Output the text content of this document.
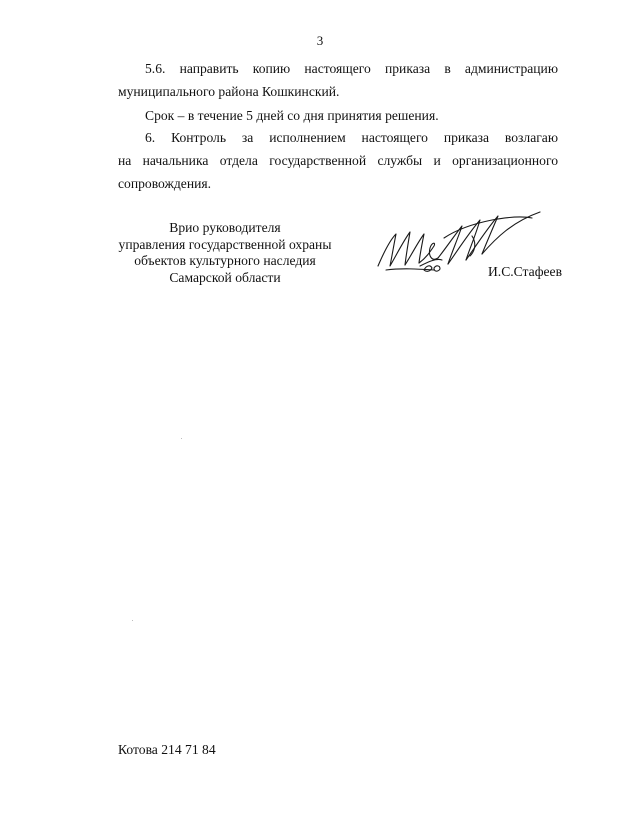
3
5.6. направить копию настоящего приказа в администрацию
муниципального района Кошкинский.
Срок – в течение 5 дней со дня принятия решения.
6. Контроль за исполнением настоящего приказа возлагаю
на начальника отдела государственной службы и организационного
сопровождения.
Врио руководителя
управления государственной охраны
объектов культурного наследия
Самарской области	И.С.Стафеев
Котова 214 71 84
